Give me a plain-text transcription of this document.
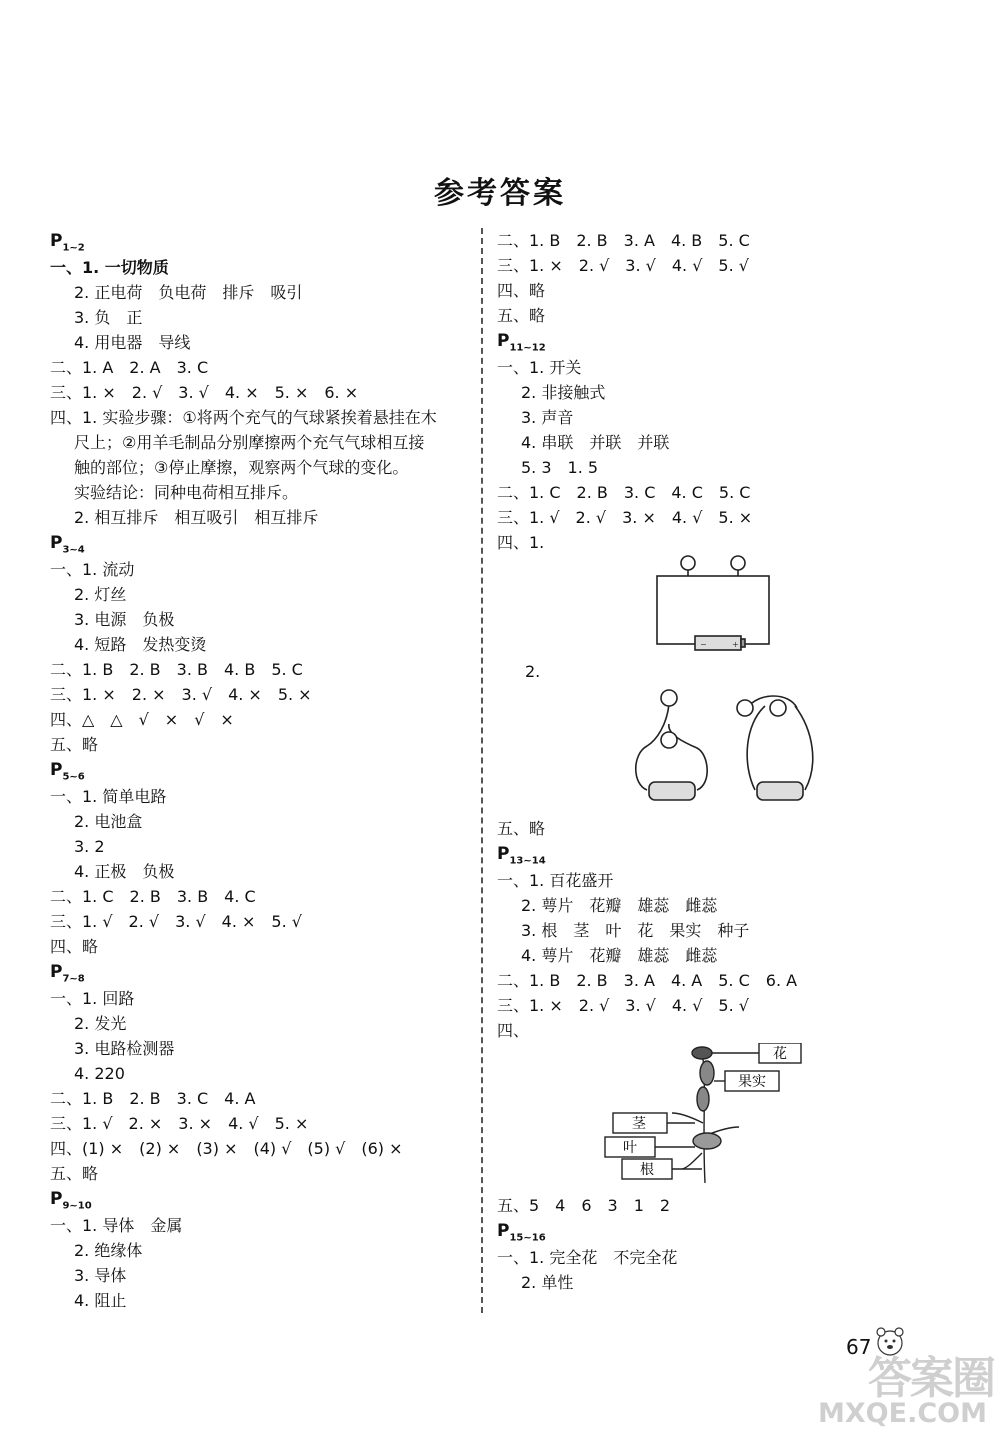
参考答案
$P_{1\sim 2}$
一、1. 一切物质
2. 正电荷　负电荷　排斥　吸引
3. 负　正
4. 用电器　导线
二、1. A　2. A　3. C
三、1. ×　2. √　3. √　4. ×　5. ×　6. ×
四、1. 实验步骤：①将两个充气的气球紧挨着悬挂在木
尺上；②用羊毛制品分别摩擦两个充气气球相互接
触的部位；③停止摩擦，观察两个气球的变化。
实验结论：同种电荷相互排斥。
2. 相互排斥　相互吸引　相互排斥
$P_{3\sim 4}$
一、1. 流动
2. 灯丝
3. 电源　负极
4. 短路　发热变烫
二、1. B　2. B　3. B　4. B　5. C
三、1. ×　2. ×　3. √　4. ×　5. ×
四、△　△　√　×　√　×
五、略
$P_{5\sim 6}$
一、1. 简单电路
2. 电池盒
3. 2
4. 正极　负极
二、1. C　2. B　3. B　4. C
三、1. √　2. √　3. √　4. ×　5. √
四、略
$P_{7\sim 8}$
一、1. 回路
2. 发光
3. 电路检测器
4. 220
二、1. B　2. B　3. C　4. A
三、1. √　2. ×　3. ×　4. √　5. ×
四、(1) ×　(2) ×　(3) ×　(4) √　(5) √　(6) ×
五、略
$P_{9\sim 10}$
一、1. 导体　金属
2. 绝缘体
3. 导体
4. 阻止
二、1. B　2. B　3. A　4. B　5. C
三、1. ×　2. √　3. √　4. √　5. √
四、略
五、略
$P_{11\sim 12}$
一、1. 开关
2. 非接触式
3. 声音
4. 串联　并联　并联
5. 3　1. 5
二、1. C　2. B　3. C　4. C　5. C
三、1. √　2. √　3. ×　4. √　5. ×
四、1.
−	+
2.
五、略
$P_{13\sim 14}$
一、1. 百花盛开
2. 萼片　花瓣　雄蕊　雌蕊
3. 根　茎　叶　花　果实　种子
4. 萼片　花瓣　雄蕊　雌蕊
二、1. B　2. B　3. A　4. A　5. C　6. A
三、1. ×　2. √　3. √　4. √　5. √
四、
花
果实
茎
叶
根
五、5　4　6　3　1　2
$P_{15\sim 16}$
一、1. 完全花　不完全花
2. 单性
67
答案圈
MXQE.COM
